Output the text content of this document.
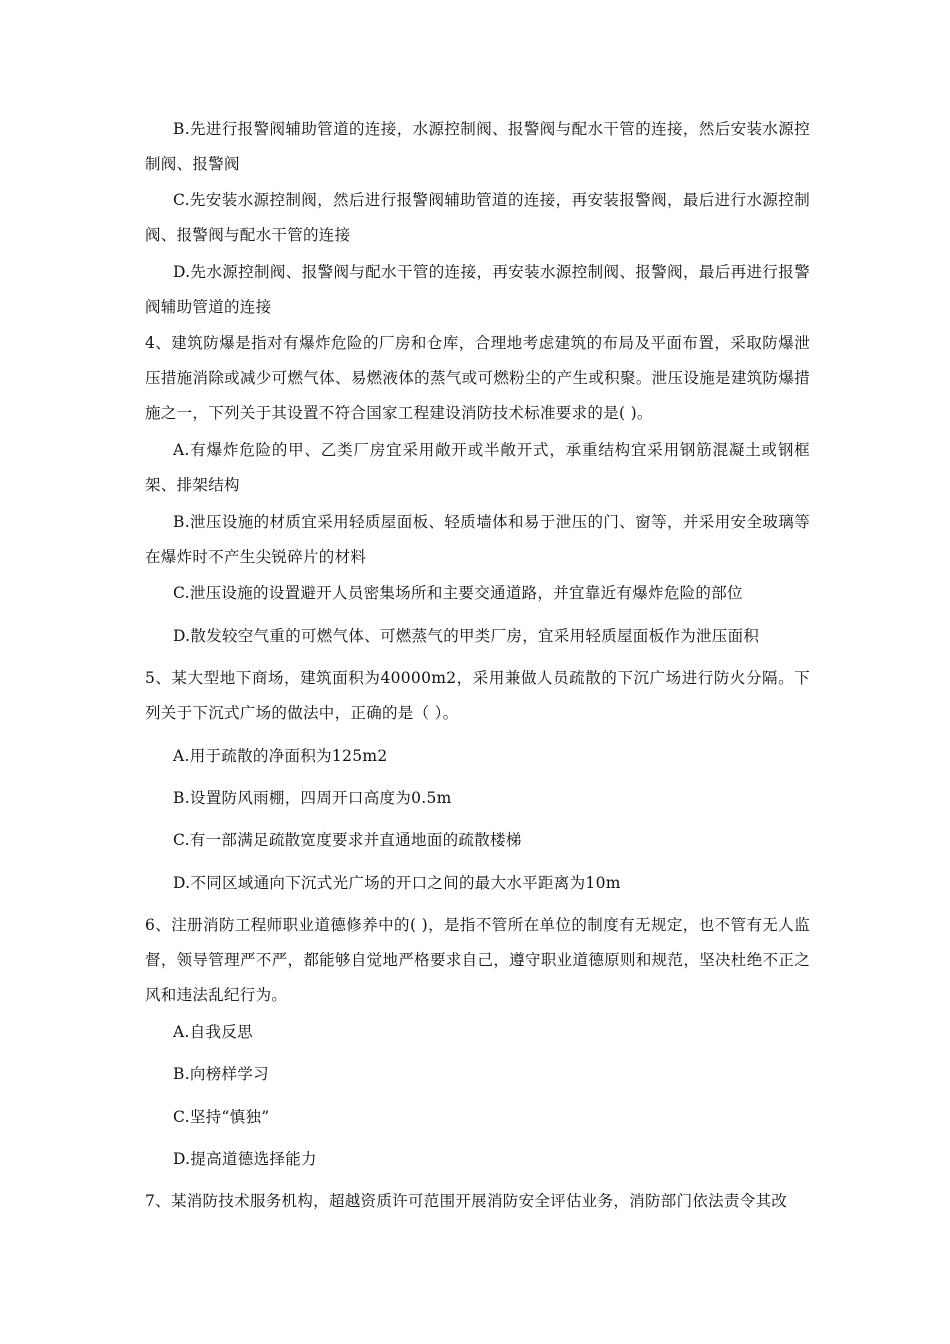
B.先进行报警阀辅助管道的连接，水源控制阀、报警阀与配水干管的连接，然后安装水源控制阀、报警阀
C.先安装水源控制阀，然后进行报警阀辅助管道的连接，再安装报警阀，最后进行水源控制阀、报警阀与配水干管的连接
D.先水源控制阀、报警阀与配水干管的连接，再安装水源控制阀、报警阀，最后再进行报警阀辅助管道的连接
4、建筑防爆是指对有爆炸危险的厂房和仓库，合理地考虑建筑的布局及平面布置，采取防爆泄压措施消除或减少可燃气体、易燃液体的蒸气或可燃粉尘的产生或积聚。泄压设施是建筑防爆措施之一，下列关于其设置不符合国家工程建设消防技术标准要求的是( )。
A.有爆炸危险的甲、乙类厂房宜采用敞开或半敞开式，承重结构宜采用钢筋混凝土或钢框架、排架结构
B.泄压设施的材质宜采用轻质屋面板、轻质墙体和易于泄压的门、窗等，并采用安全玻璃等在爆炸时不产生尖锐碎片的材料
C.泄压设施的设置避开人员密集场所和主要交通道路，并宜靠近有爆炸危险的部位
D.散发较空气重的可燃气体、可燃蒸气的甲类厂房，宜采用轻质屋面板作为泄压面积
5、某大型地下商场，建筑面积为40000m2，采用兼做人员疏散的下沉广场进行防火分隔。下列关于下沉式广场的做法中，正确的是（ ）。
A.用于疏散的净面积为125m2
B.设置防风雨棚，四周开口高度为0.5m
C.有一部满足疏散宽度要求并直通地面的疏散楼梯
D.不同区域通向下沉式光广场的开口之间的最大水平距离为10m
6、注册消防工程师职业道德修养中的( )，是指不管所在单位的制度有无规定，也不管有无人监督，领导管理严不严，都能够自觉地严格要求自己，遵守职业道德原则和规范，坚决杜绝不正之风和违法乱纪行为。
A.自我反思
B.向榜样学习
C.坚持“慎独”
D.提高道德选择能力
7、某消防技术服务机构，超越资质许可范围开展消防安全评估业务，消防部门依法责令其改
